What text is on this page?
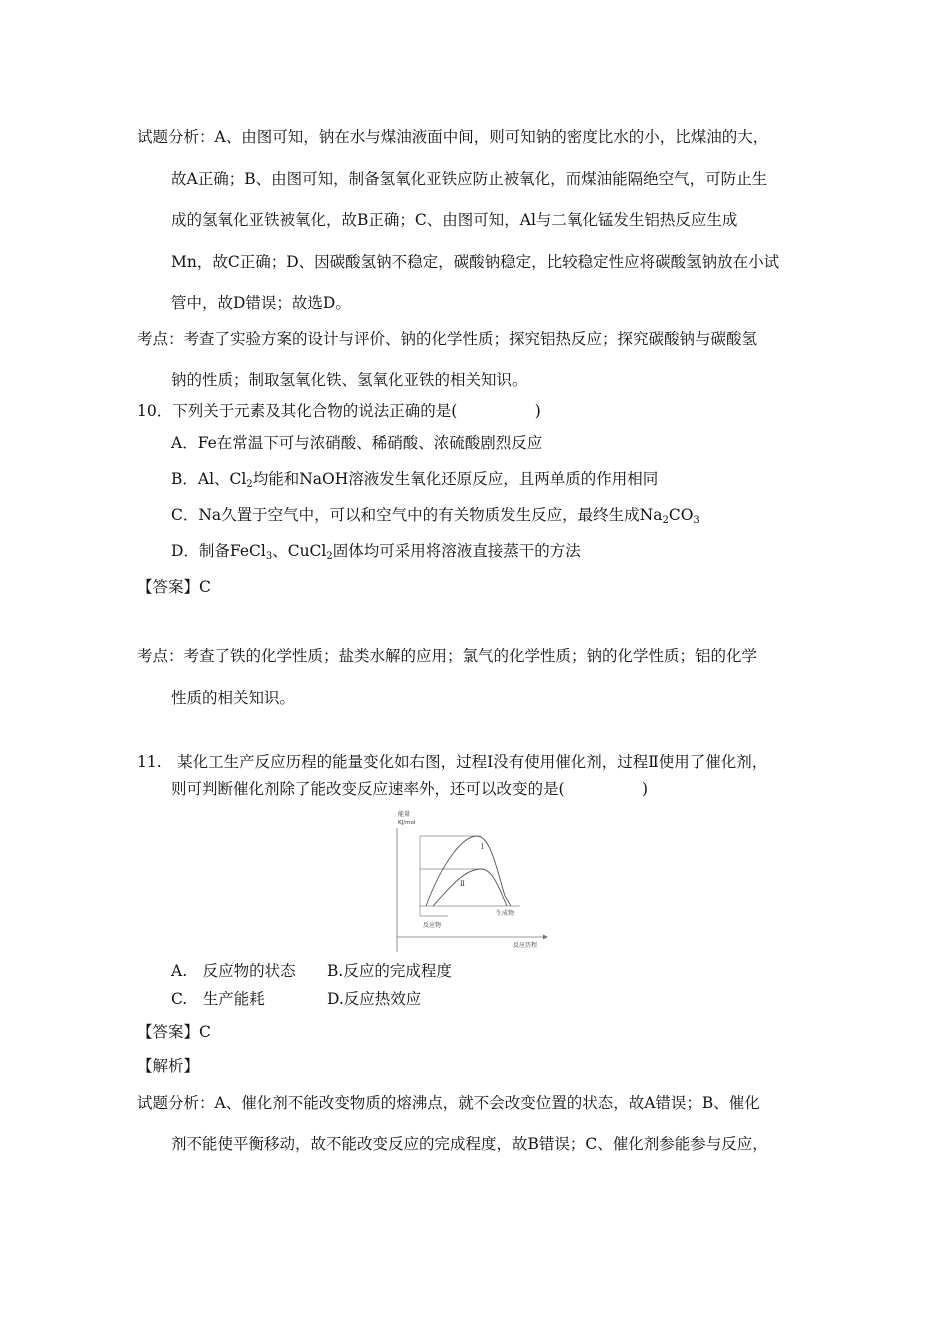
试题分析：A、由图可知，钠在水与煤油液面中间，则可知钠的密度比水的小，比煤油的大，
故A正确；B、由图可知，制备氢氧化亚铁应防止被氧化，而煤油能隔绝空气，可防止生
成的氢氧化亚铁被氧化，故B正确；C、由图可知，Al与二氧化锰发生铝热反应生成
Mn，故C正确；D、因碳酸氢钠不稳定，碳酸钠稳定，比较稳定性应将碳酸氢钠放在小试
管中，故D错误；故选D。
考点：考查了实验方案的设计与评价、钠的化学性质；探究铝热反应；探究碳酸钠与碳酸氢
钠的性质；制取氢氧化铁、氢氧化亚铁的相关知识。
10．下列关于元素及其化合物的说法正确的是(　　　　　)
A．Fe在常温下可与浓硝酸、稀硝酸、浓硫酸剧烈反应
B．Al、$Cl_2$均能和NaOH溶液发生氧化还原反应，且两单质的作用相同
C．Na久置于空气中，可以和空气中的有关物质发生反应，最终生成$Na_2CO_3$
D．制备FeCl$_3$、CuCl$_2$固体均可采用将溶液直接蒸干的方法
【答案】C
考点：考查了铁的化学性质；盐类水解的应用；氯气的化学性质；钠的化学性质；铝的化学
性质的相关知识。
11.　某化工生产反应历程的能量变化如右图，过程Ⅰ没有使用催化剂，过程Ⅱ使用了催化剂，
则可判断催化剂除了能改变反应速率外，还可以改变的是(　　　　　)
能量
KJ/mol
反应历程
Ⅰ
Ⅱ
生成物
反应物
A.　反应物的状态 B.反应的完成程度
C.　生产能耗	D.反应热效应
【答案】C
【解析】
试题分析：A、催化剂不能改变物质的熔沸点，就不会改变位置的状态，故A错误；B、催化
剂不能使平衡移动，故不能改变反应的完成程度，故B错误；C、催化剂参能参与反应，
